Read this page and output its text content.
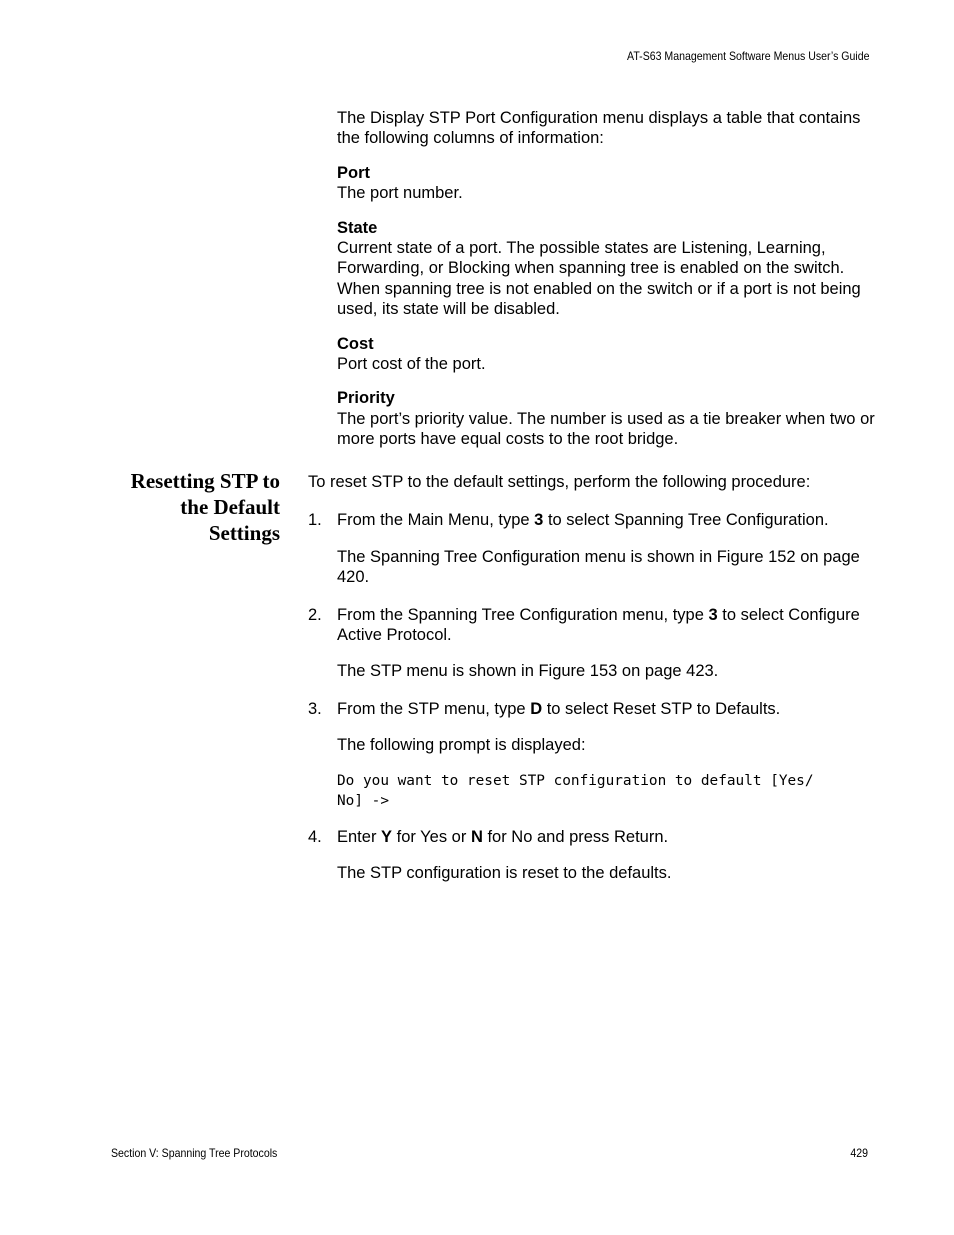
AT-S63 Management Software Menus User’s Guide

The Display STP Port Configuration menu displays a table that contains the following columns of information:

Port

The port number.

State

Current state of a port. The possible states are Listening, Learning, Forwarding, or Blocking when spanning tree is enabled on the switch. When spanning tree is not enabled on the switch or if a port is not being used, its state will be disabled.

Cost

Port cost of the port.

Priority

The port’s priority value. The number is used as a tie breaker when two or more ports have equal costs to the root bridge.

Resetting STP to
the Default
Settings

To reset STP to the default settings, perform the following procedure:

1. From the Main Menu, type 3 to select Spanning Tree Configuration.

The Spanning Tree Configuration menu is shown in Figure 152 on page 420.

2. From the Spanning Tree Configuration menu, type 3 to select Configure Active Protocol.

The STP menu is shown in Figure 153 on page 423.

3. From the STP menu, type D to select Reset STP to Defaults.

The following prompt is displayed:

Do you want to reset STP configuration to default [Yes/
No] ->

4. Enter Y for Yes or N for No and press Return.

The STP configuration is reset to the defaults.

Section V: Spanning Tree Protocols	429
